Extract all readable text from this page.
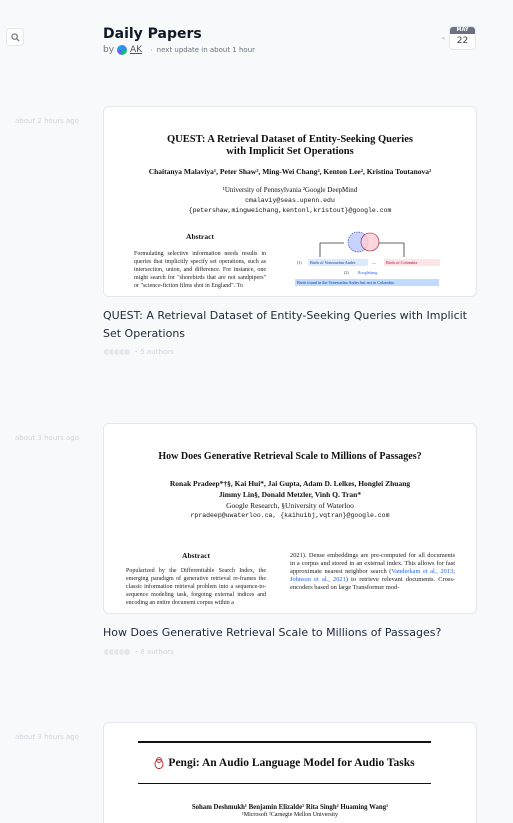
Daily Papers
by AK · next update in about 1 hour
◂
MAY
22
about 2 hours ago
QUEST: A Retrieval Dataset of Entity-Seeking Queries
with Implicit Set Operations
Chaitanya Malaviya¹, Peter Shaw², Ming-Wei Chang², Kenton Lee², Kristina Toutanova²
¹University of Pennsylvania ²Google DeepMind
cmalaviy@seas.upenn.edu
{petershaw,mingweichang,kentonl,kristout}@google.com
Abstract
Formulating selective information needs results in queries that implicitly specify set operations, such as intersection, union, and difference. For instance, one might search for "shorebirds that are not sandpipers" or "science-fiction films shot in England". To
(1) Birds of Venezuelan Andes	— Birds of Colombia
(2) Rooglehang
Birds found in the Venezuelan Andes but not in Colombia
QUEST: A Retrieval Dataset of Entity-Seeking Queries with Implicit Set Operations
· 5 authors
about 3 hours ago
How Does Generative Retrieval Scale to Millions of Passages?
Ronak Pradeep*†§, Kai Hui*, Jai Gupta, Adam D. Lelkes, Honglei Zhuang
Jimmy Lin§, Donald Metzler, Vinh Q. Tran*
Google Research, §University of Waterloo
rpradeep@uwaterloo.ca, {kaihuibj,vqtran}@google.com
Abstract
Popularized by the Differentiable Search Index, the emerging paradigm of generative retrieval re-frames the classic information retrieval problem into a sequence-to-sequence modeling task, forgoing external indices and encoding an entire document corpus within a
2021). Dense embeddings are pre-computed for all documents in a corpus and stored in an external index. This allows for fast approximate nearest neighbor search (Vanderkam et al., 2013; Johnson et al., 2021) to retrieve relevant documents. Cross-encoders based on large Transformer mod-
How Does Generative Retrieval Scale to Millions of Passages?
· 8 authors
about 3 hours ago
Pengi: An Audio Language Model for Audio Tasks
Soham Deshmukh¹ Benjamin Elizalde¹ Rita Singh² Huaming Wang¹
¹Microsoft ²Carnegie Mellon University
